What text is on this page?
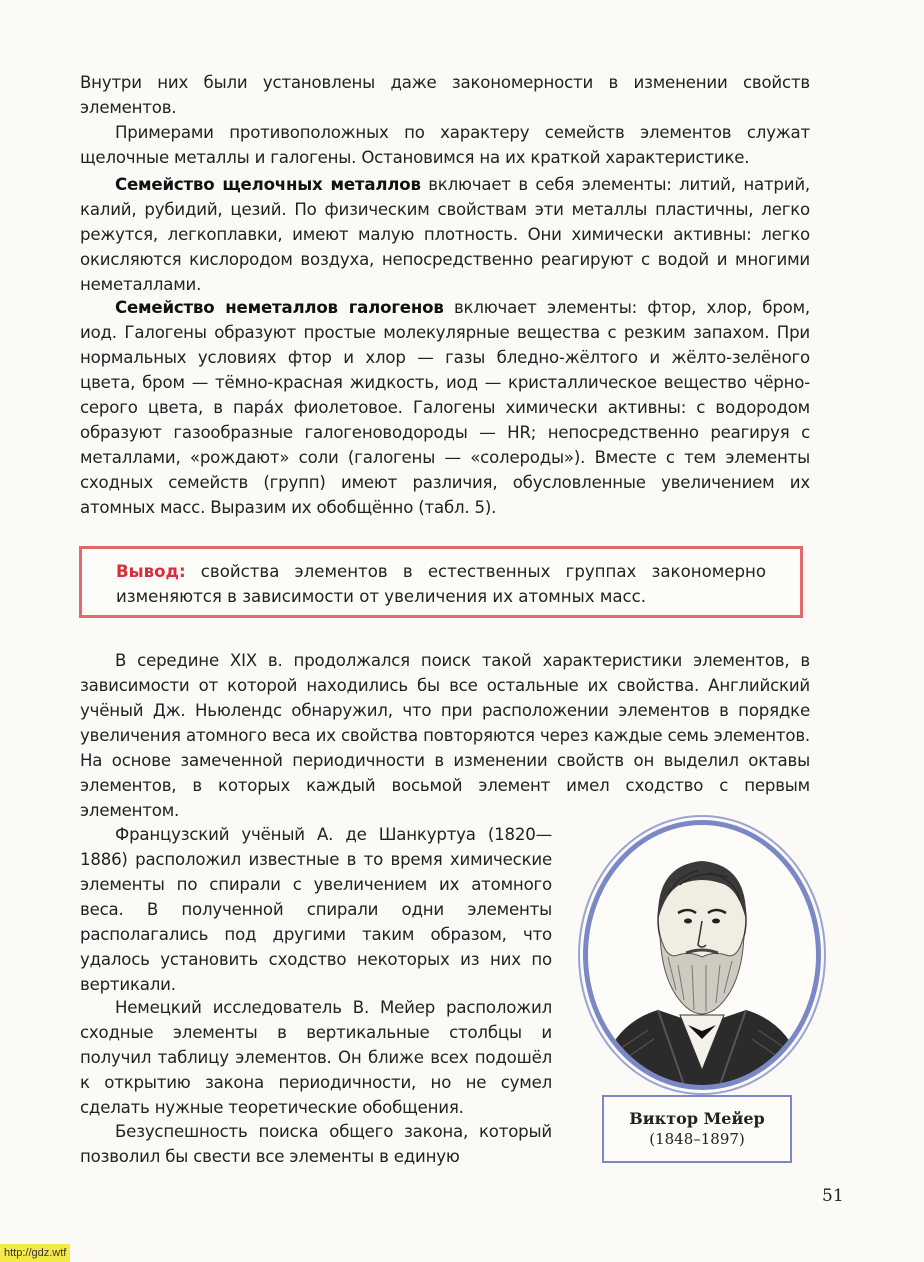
Внутри них были установлены даже закономерности в изменении свойств элементов.

Примерами противоположных по характеру семейств элементов служат щелочные металлы и галогены. Остановимся на их краткой характеристике.

Семейство щелочных металлов включает в себя элементы: литий, натрий, калий, рубидий, цезий. По физическим свойствам эти металлы пластичны, легко режутся, легкоплавки, имеют малую плотность. Они химически активны: легко окисляются кислородом воздуха, непосредственно реагируют с водой и многими неметаллами.

Семейство неметаллов галогенов включает элементы: фтор, хлор, бром, иод. Галогены образуют простые молекулярные вещества с резким запахом. При нормальных условиях фтор и хлор — газы бледно-жёлтого и жёлто-зелёного цвета, бром — тёмно-красная жидкость, иод — кристаллическое вещество чёрно-серого цвета, в пара́х фиолетовое. Галогены химически активны: с водородом образуют газообразные галогеноводороды — HR; непосредственно реагируя с металлами, «рождают» соли (галогены — «солероды»). Вместе с тем элементы сходных семейств (групп) имеют различия, обусловленные увеличением их атомных масс. Выразим их обобщённо (табл. 5).

Вывод: свойства элементов в естественных группах закономерно изменяются в зависимости от увеличения их атомных масс.

В середине XIX в. продолжался поиск такой характеристики элементов, в зависимости от которой находились бы все остальные их свойства. Английский учёный Дж. Ньюлендс обнаружил, что при расположении элементов в порядке увеличения атомного веса их свойства повторяются через каждые семь элементов. На основе замеченной периодичности в изменении свойств он выделил октавы элементов, в которых каждый восьмой элемент имел сходство с первым элементом.

Французский учёный А. де Шанкуртуа (1820—1886) расположил известные в то время химические элементы по спирали с увеличением их атомного веса. В полученной спирали одни элементы располагались под другими таким образом, что удалось установить сходство некоторых из них по вертикали.

Немецкий исследователь В. Мейер расположил сходные элементы в вертикальные столбцы и получил таблицу элементов. Он ближе всех подошёл к открытию закона периодичности, но не сумел сделать нужные теоретические обобщения.

Безуспешность поиска общего закона, который позволил бы свести все элементы в единую

Виктор Мейер
(1848–1897)
51
http://gdz.wtf
